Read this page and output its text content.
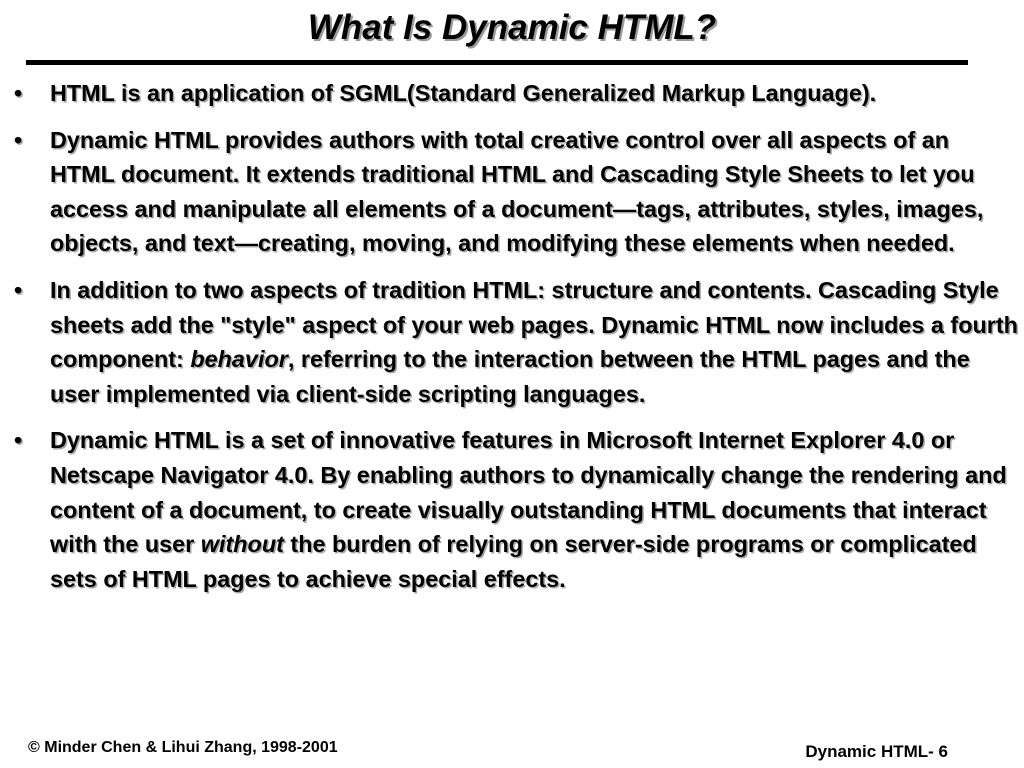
What Is Dynamic HTML?
•	HTML is an application of SGML(Standard Generalized Markup Language).
•	Dynamic HTML provides authors with total creative control over all aspects of an HTML document. It extends traditional HTML and Cascading Style Sheets to let you access and manipulate all elements of a document—tags, attributes, styles, images, objects, and text—creating, moving, and modifying these elements when needed.
•	In addition to two aspects of tradition HTML: structure and contents. Cascading Style sheets add the "style" aspect of your web pages. Dynamic HTML now includes a fourth component: behavior, referring to the interaction between the HTML pages and the user implemented via client-side scripting languages.
•	Dynamic HTML is a set of innovative features in Microsoft Internet Explorer 4.0 or Netscape Navigator 4.0. By enabling authors to dynamically change the rendering and content of a document, to create visually outstanding HTML documents that interact with the user without the burden of relying on server-side programs or complicated sets of HTML pages to achieve special effects.
© Minder Chen & Lihui Zhang, 1998-2001	Dynamic HTML- 6
